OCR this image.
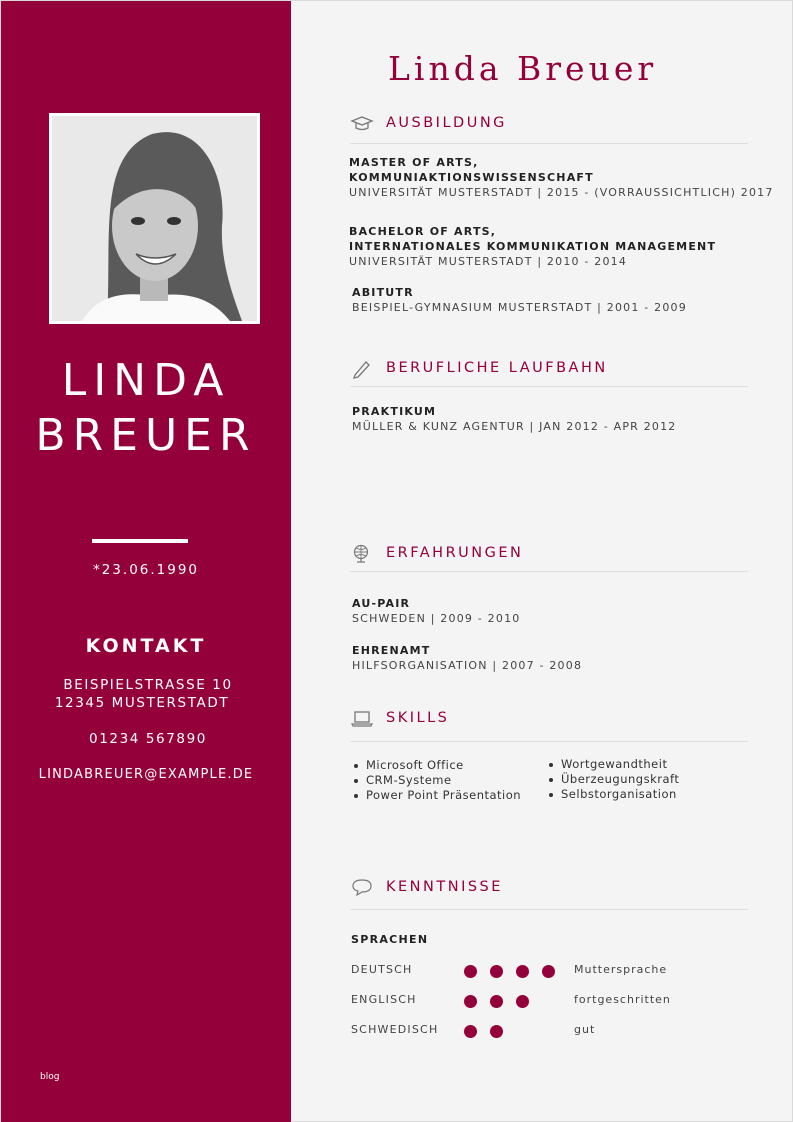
LINDA
BREUER
*23.06.1990
KONTAKT
BEISPIELSTRASSE 10
12345 MUSTERSTADT
01234 567890
LINDABREUER@EXAMPLE.DE
blog
Linda Breuer
AUSBILDUNG
MASTER OF ARTS,
KOMMUNIAKTIONSWISSENSCHAFT
UNIVERSITÄT MUSTERSTADT | 2015 - (VORRAUSSICHTLICH) 2017
BACHELOR OF ARTS,
INTERNATIONALES KOMMUNIKATION MANAGEMENT
UNIVERSITÄT MUSTERSTADT | 2010 - 2014
ABITUTR
BEISPIEL-GYMNASIUM MUSTERSTADT | 2001 - 2009
BERUFLICHE LAUFBAHN
PRAKTIKUM
MÜLLER & KUNZ AGENTUR | JAN 2012 - APR 2012
ERFAHRUNGEN
AU-PAIR
SCHWEDEN | 2009 - 2010
EHRENAMT
HILFSORGANISATION | 2007 - 2008
SKILLS
Microsoft Office
CRM-Systeme
Power Point Präsentation
Wortgewandtheit
Überzeugungskraft
Selbstorganisation
KENNTNISSE
SPRACHEN
DEUTSCH	Muttersprache
ENGLISCH	fortgeschritten
SCHWEDISCH	gut
